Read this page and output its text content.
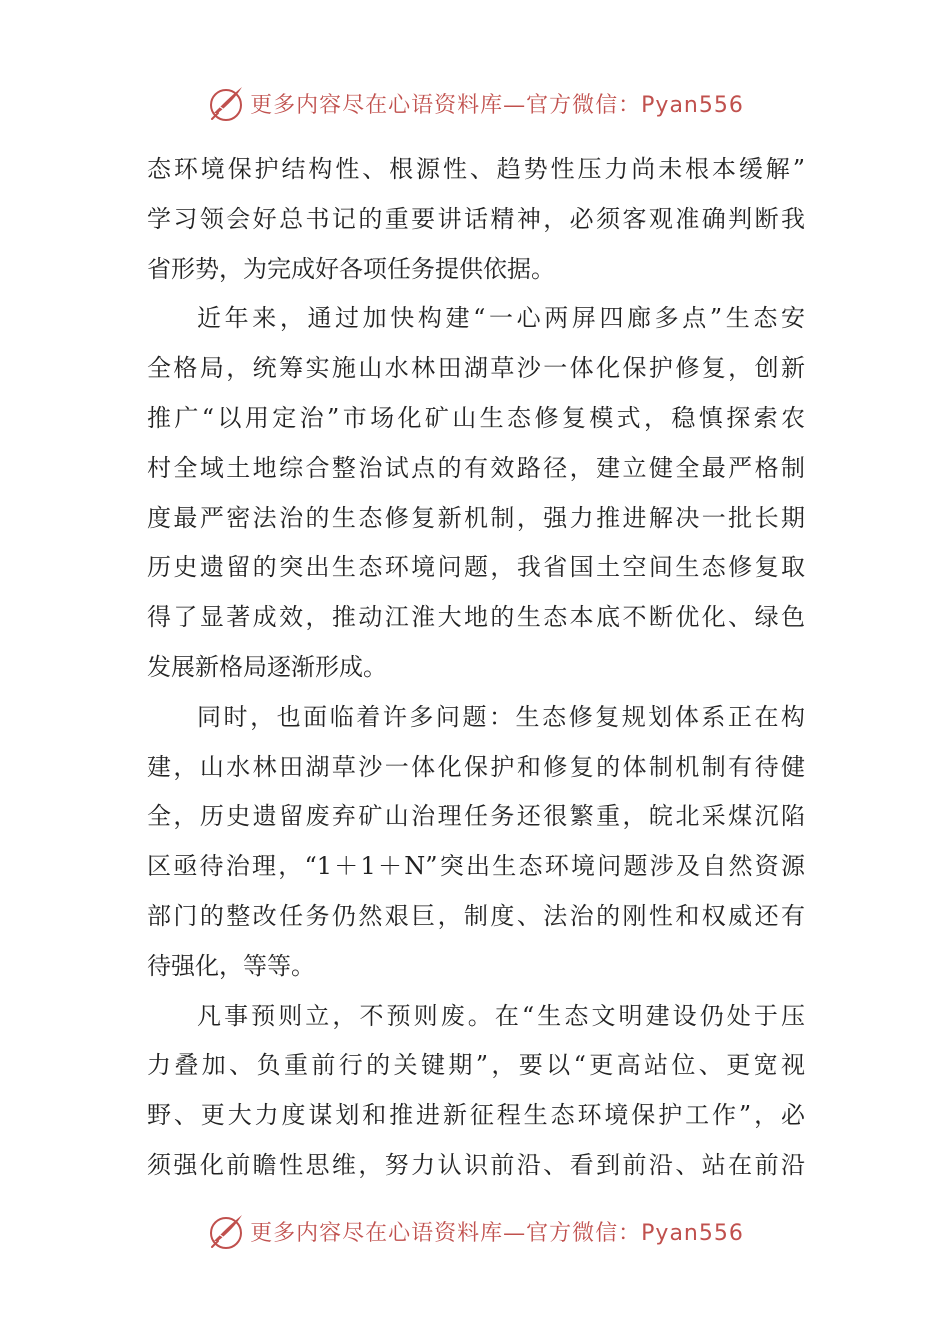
更多内容尽在心语资料库—官方微信：Pyan556
态环境保护结构性、根源性、趋势性压力尚未根本缓解”
学习领会好总书记的重要讲话精神，必须客观准确判断我
省形势，为完成好各项任务提供依据。
近年来，通过加快构建“一心两屏四廊多点”生态安
全格局，统筹实施山水林田湖草沙一体化保护修复，创新
推广“以用定治”市场化矿山生态修复模式，稳慎探索农
村全域土地综合整治试点的有效路径，建立健全最严格制
度最严密法治的生态修复新机制，强力推进解决一批长期
历史遗留的突出生态环境问题，我省国土空间生态修复取
得了显著成效，推动江淮大地的生态本底不断优化、绿色
发展新格局逐渐形成。
同时，也面临着许多问题：生态修复规划体系正在构
建，山水林田湖草沙一体化保护和修复的体制机制有待健
全，历史遗留废弃矿山治理任务还很繁重，皖北采煤沉陷
区亟待治理，“1＋1＋N”突出生态环境问题涉及自然资源
部门的整改任务仍然艰巨，制度、法治的刚性和权威还有
待强化，等等。
凡事预则立，不预则废。在“生态文明建设仍处于压
力叠加、负重前行的关键期”，要以“更高站位、更宽视
野、更大力度谋划和推进新征程生态环境保护工作”，必
须强化前瞻性思维，努力认识前沿、看到前沿、站在前沿
更多内容尽在心语资料库—官方微信：Pyan556
